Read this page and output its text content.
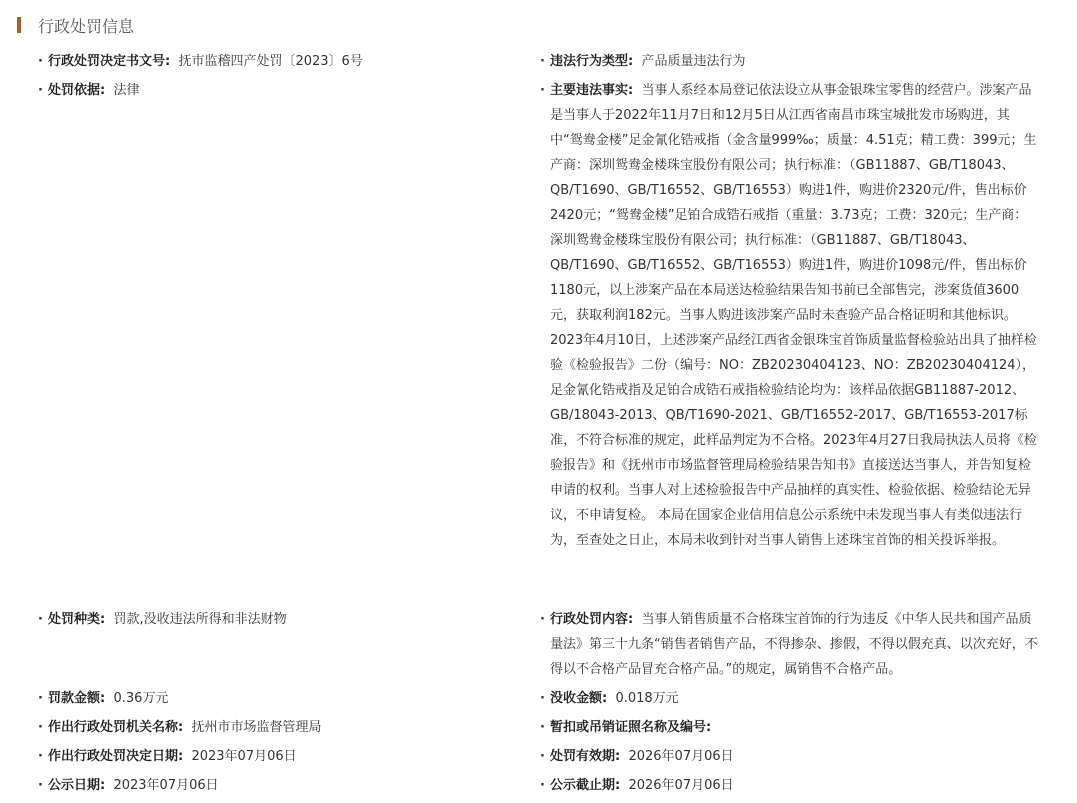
行政处罚信息
· 行政处罚决定书文号: 抚市监稽四产处罚〔2023〕6号	· 违法行为类型: 产品质量违法行为
· 处罚依据: 法律	· 主要违法事实: 当事人系经本局登记依法设立从事金银珠宝零售的经营户。涉案产品是当事人于2022年11月7日和12月5日从江西省南昌市珠宝城批发市场购进，其中“鸳鸯金楼”足金氰化锆戒指（金含量999‰；质量：4.51克；精工费：399元；生产商：深圳鸳鸯金楼珠宝股份有限公司；执行标准：（GB11887、GB/T18043、QB/T1690、GB/T16552、GB/T16553）购进1件，购进价2320元/件，售出标价2420元；“鸳鸯金楼”足铂合成锆石戒指（重量：3.73克；工费：320元；生产商：深圳鸳鸯金楼珠宝股份有限公司；执行标准：（GB11887、GB/T18043、QB/T1690、GB/T16552、GB/T16553）购进1件，购进价1098元/件，售出标价1180元，以上涉案产品在本局送达检验结果告知书前已全部售完，涉案货值3600元，获取利润182元。当事人购进该涉案产品时未查验产品合格证明和其他标识。 2023年4月10日，上述涉案产品经江西省金银珠宝首饰质量监督检验站出具了抽样检验《检验报告》二份（编号：NO：ZB20230404123、NO：ZB20230404124），足金氰化锆戒指及足铂合成锆石戒指检验结论均为：该样品依据GB11887-2012、GB/18043-2013、QB/T1690-2021、GB/T16552-2017、GB/T16553-2017标准，不符合标准的规定，此样品判定为不合格。2023年4月27日我局执法人员将《检验报告》和《抚州市市场监督管理局检验结果告知书》直接送达当事人，并告知复检申请的权利。当事人对上述检验报告中产品抽样的真实性、检验依据、检验结论无异议，不申请复检。 本局在国家企业信用信息公示系统中未发现当事人有类似违法行为，至查处之日止，本局未收到针对当事人销售上述珠宝首饰的相关投诉举报。
· 处罚种类: 罚款,没收违法所得和非法财物	· 行政处罚内容: 当事人销售质量不合格珠宝首饰的行为违反《中华人民共和国产品质量法》第三十九条“销售者销售产品，不得掺杂、掺假，不得以假充真、以次充好，不得以不合格产品冒充合格产品。”的规定，属销售不合格产品。
· 罚款金额: 0.36万元	· 没收金额: 0.018万元
· 作出行政处罚机关名称: 抚州市市场监督管理局	· 暂扣或吊销证照名称及编号:
· 作出行政处罚决定日期: 2023年07月06日	· 处罚有效期: 2026年07月06日
· 公示日期: 2023年07月06日	· 公示截止期: 2026年07月06日
